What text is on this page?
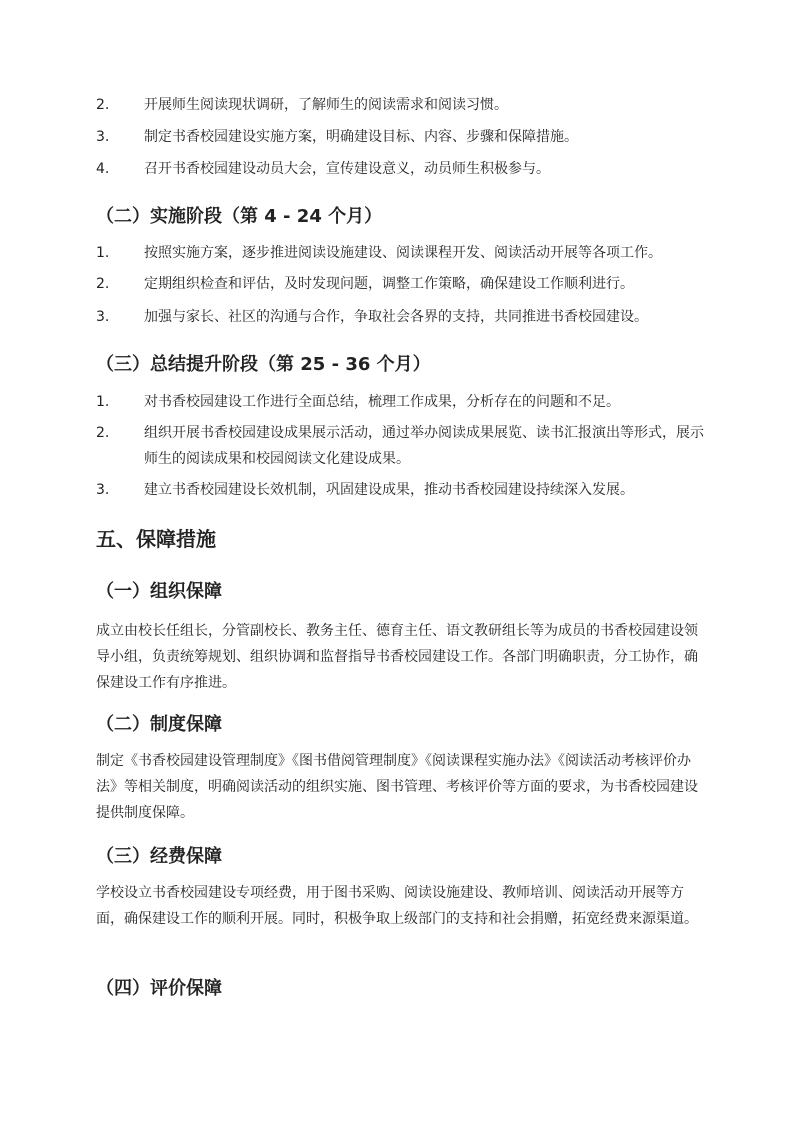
2.	开展师生阅读现状调研，了解师生的阅读需求和阅读习惯。
3.	制定书香校园建设实施方案，明确建设目标、内容、步骤和保障措施。
4.	召开书香校园建设动员大会，宣传建设意义，动员师生积极参与。
（二）实施阶段（第 4 - 24 个月）
1.	按照实施方案，逐步推进阅读设施建设、阅读课程开发、阅读活动开展等各项工作。
2.	定期组织检查和评估，及时发现问题，调整工作策略，确保建设工作顺利进行。
3.	加强与家长、社区的沟通与合作，争取社会各界的支持，共同推进书香校园建设。
（三）总结提升阶段（第 25 - 36 个月）
1.	对书香校园建设工作进行全面总结，梳理工作成果，分析存在的问题和不足。
2.	组织开展书香校园建设成果展示活动，通过举办阅读成果展览、读书汇报演出等形式，展示师生的阅读成果和校园阅读文化建设成果。
3.	建立书香校园建设长效机制，巩固建设成果，推动书香校园建设持续深入发展。
五、保障措施
（一）组织保障
成立由校长任组长，分管副校长、教务主任、德育主任、语文教研组长等为成员的书香校园建设领导小组，负责统筹规划、组织协调和监督指导书香校园建设工作。各部门明确职责，分工协作，确保建设工作有序推进。
（二）制度保障
制定《书香校园建设管理制度》《图书借阅管理制度》《阅读课程实施办法》《阅读活动考核评价办法》等相关制度，明确阅读活动的组织实施、图书管理、考核评价等方面的要求，为书香校园建设提供制度保障。
（三）经费保障
学校设立书香校园建设专项经费，用于图书采购、阅读设施建设、教师培训、阅读活动开展等方面，确保建设工作的顺利开展。同时，积极争取上级部门的支持和社会捐赠，拓宽经费来源渠道。
（四）评价保障
